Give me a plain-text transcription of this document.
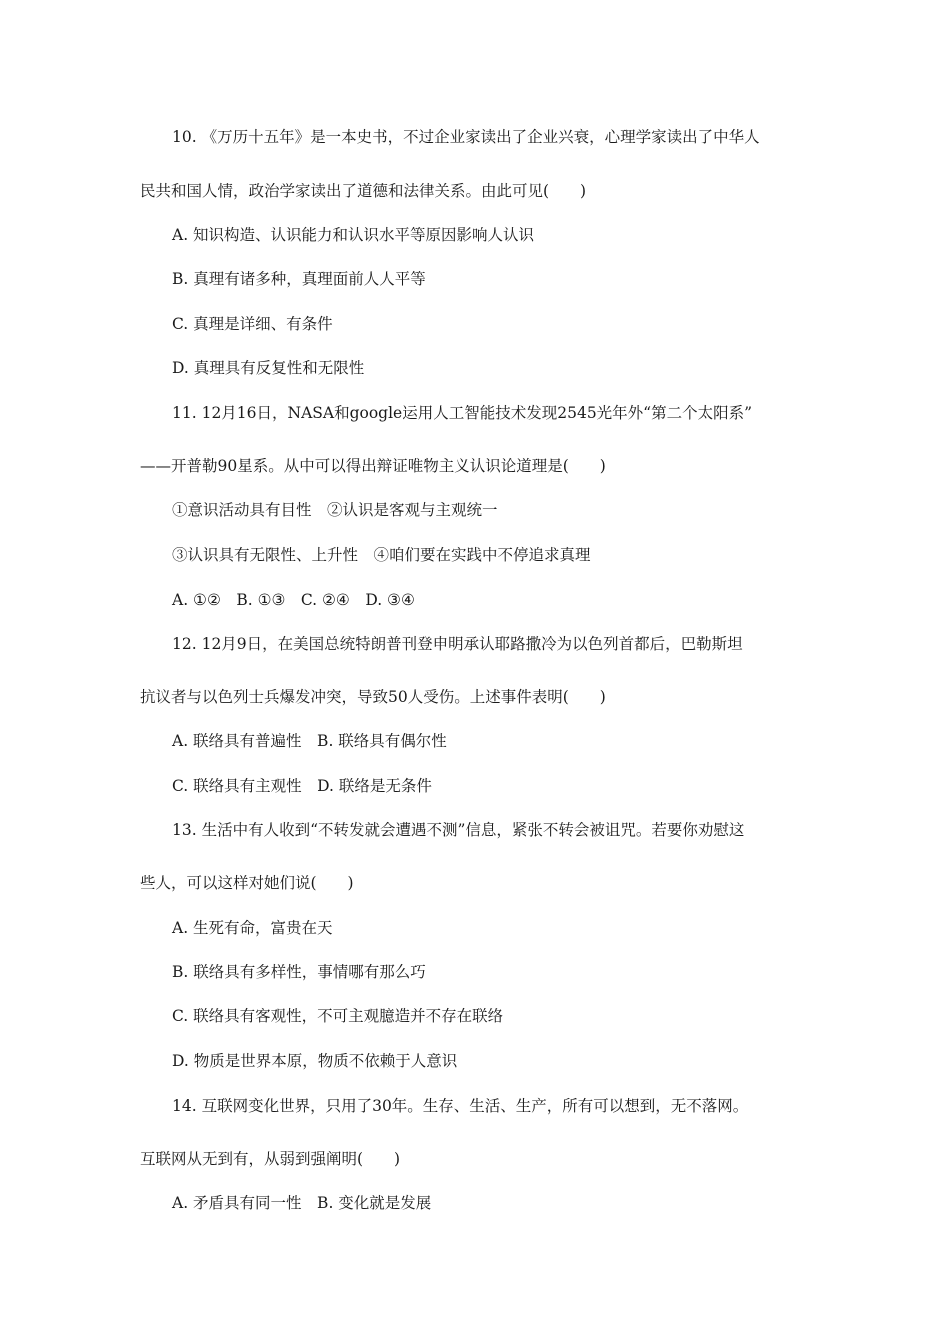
10. 《万历十五年》是一本史书，不过企业家读出了企业兴衰，心理学家读出了中华人
民共和国人情，政治学家读出了道德和法律关系。由此可见(　　)
A. 知识构造、认识能力和认识水平等原因影响人认识
B. 真理有诸多种，真理面前人人平等
C. 真理是详细、有条件
D. 真理具有反复性和无限性
11. 12月16日，NASA和google运用人工智能技术发现2545光年外“第二个太阳系”
——开普勒90星系。从中可以得出辩证唯物主义认识论道理是(　　)
①意识活动具有目性　②认识是客观与主观统一
③认识具有无限性、上升性　④咱们要在实践中不停追求真理
A. ①②　B. ①③　C. ②④　D. ③④
12. 12月9日，在美国总统特朗普刊登申明承认耶路撒冷为以色列首都后，巴勒斯坦
抗议者与以色列士兵爆发冲突，导致50人受伤。上述事件表明(　　)
A. 联络具有普遍性　B. 联络具有偶尔性
C. 联络具有主观性　D. 联络是无条件
13. 生活中有人收到“不转发就会遭遇不测”信息，紧张不转会被诅咒。若要你劝慰这
些人，可以这样对她们说(　　)
A. 生死有命，富贵在天
B. 联络具有多样性，事情哪有那么巧
C. 联络具有客观性，不可主观臆造并不存在联络
D. 物质是世界本原，物质不依赖于人意识
14. 互联网变化世界，只用了30年。生存、生活、生产，所有可以想到，无不落网。
互联网从无到有，从弱到强阐明(　　)
A. 矛盾具有同一性　B. 变化就是发展
